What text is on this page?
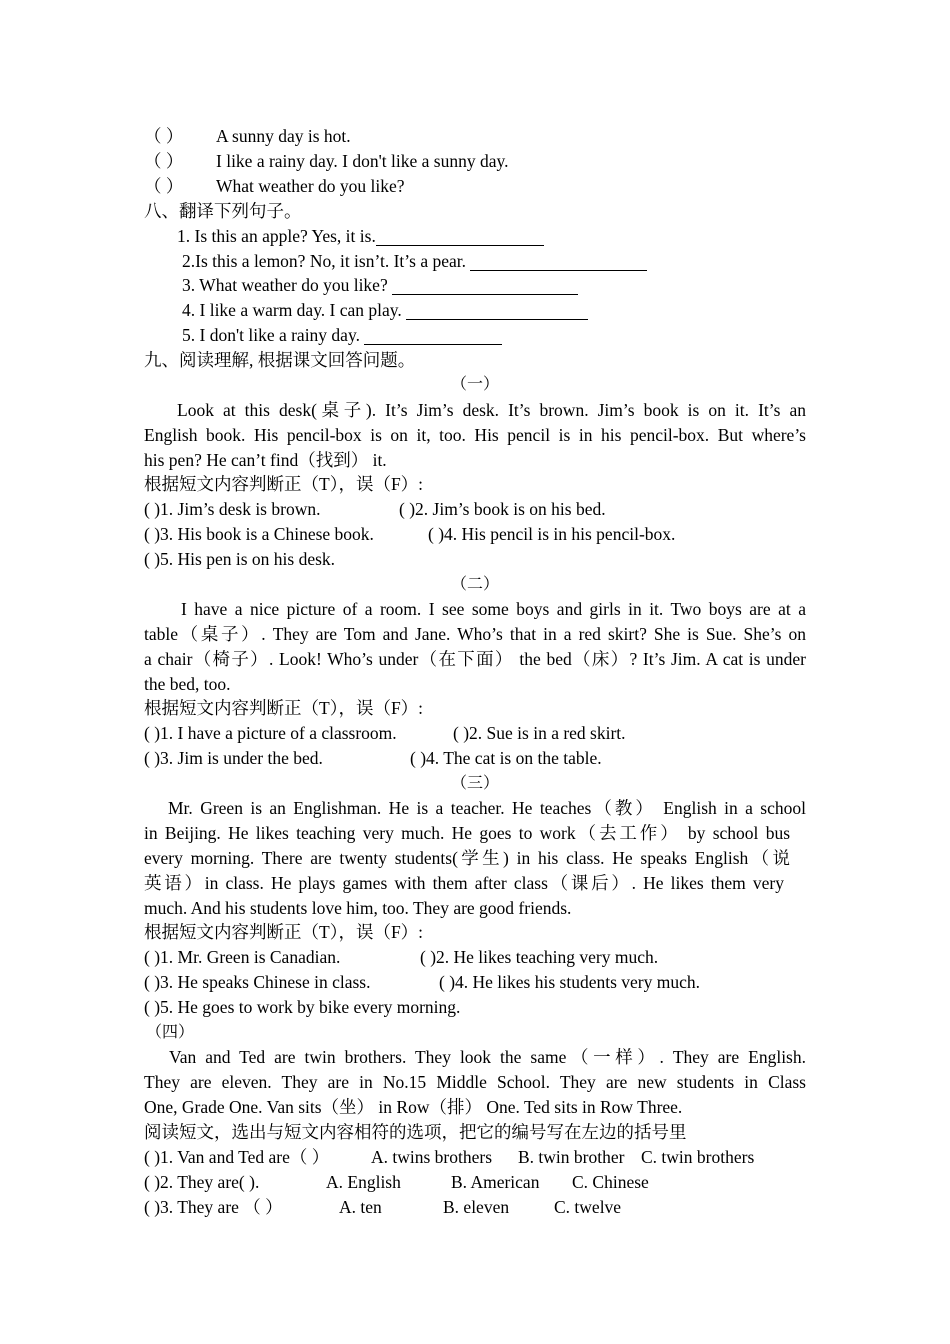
（ ） A sunny day is hot.
（ ） I like a rainy day. I don't like a sunny day.
（ ） What weather do you like?
八、翻译下列句子。
1. Is this an apple? Yes, it is.
2.Is this a lemon? No, it isn’t. It’s a pear.
3. What weather do you like?
4. I like a warm day. I can play.
5. I don't like a rainy day.
九、阅读理解, 根据课文回答问题。
（一）
Look at this desk(桌子). It’s Jim’s desk. It’s brown. Jim’s book is on it. It’s an
English book. His pencil-box is on it, too. His pencil is in his pencil-box. But where’s
his pen? He can’t find（找到） it.
根据短文内容判断正（T），误（F）:
( )1. Jim’s desk is brown.	( )2. Jim’s book is on his bed.
( )3. His book is a Chinese book.	( )4. His pencil is in his pencil-box.
( )5. His pen is on his desk.
（二）
I have a nice picture of a room. I see some boys and girls in it. Two boys are at a
table（桌子）. They are Tom and Jane. Who’s that in a red skirt? She is Sue. She’s on
a chair（椅子）. Look! Who’s under（在下面） the bed（床）? It’s Jim. A cat is under
the bed, too.
根据短文内容判断正（T），误（F）:
( )1. I have a picture of a classroom.	( )2. Sue is in a red skirt.
( )3. Jim is under the bed.	( )4. The cat is on the table.
（三）
Mr. Green is an Englishman. He is a teacher. He teaches（教） English in a school
in Beijing. He likes teaching very much. He goes to work（去工作） by school bus
every morning. There are twenty students(学生) in his class. He speaks English（说
英语）in class. He plays games with them after class（课后）. He likes them very
much. And his students love him, too. They are good friends.
根据短文内容判断正（T），误（F）:
( )1. Mr. Green is Canadian.	( )2. He likes teaching very much.
( )3. He speaks Chinese in class.	( )4. He likes his students very much.
( )5. He goes to work by bike every morning.
（四）
Van and Ted are twin brothers. They look the same（一样）. They are English.
They are eleven. They are in No.15 Middle School. They are new students in Class
One, Grade One. Van sits（坐） in Row（排） One. Ted sits in Row Three.
阅读短文，选出与短文内容相符的选项，把它的编号写在左边的括号里
( )1. Van and Ted are（ ） A. twins brothers B. twin brother C. twin brothers
( )2. They are( ).	A. English	B. American C. Chinese
( )3. They are （ ）	A. ten	B. eleven	C. twelve
